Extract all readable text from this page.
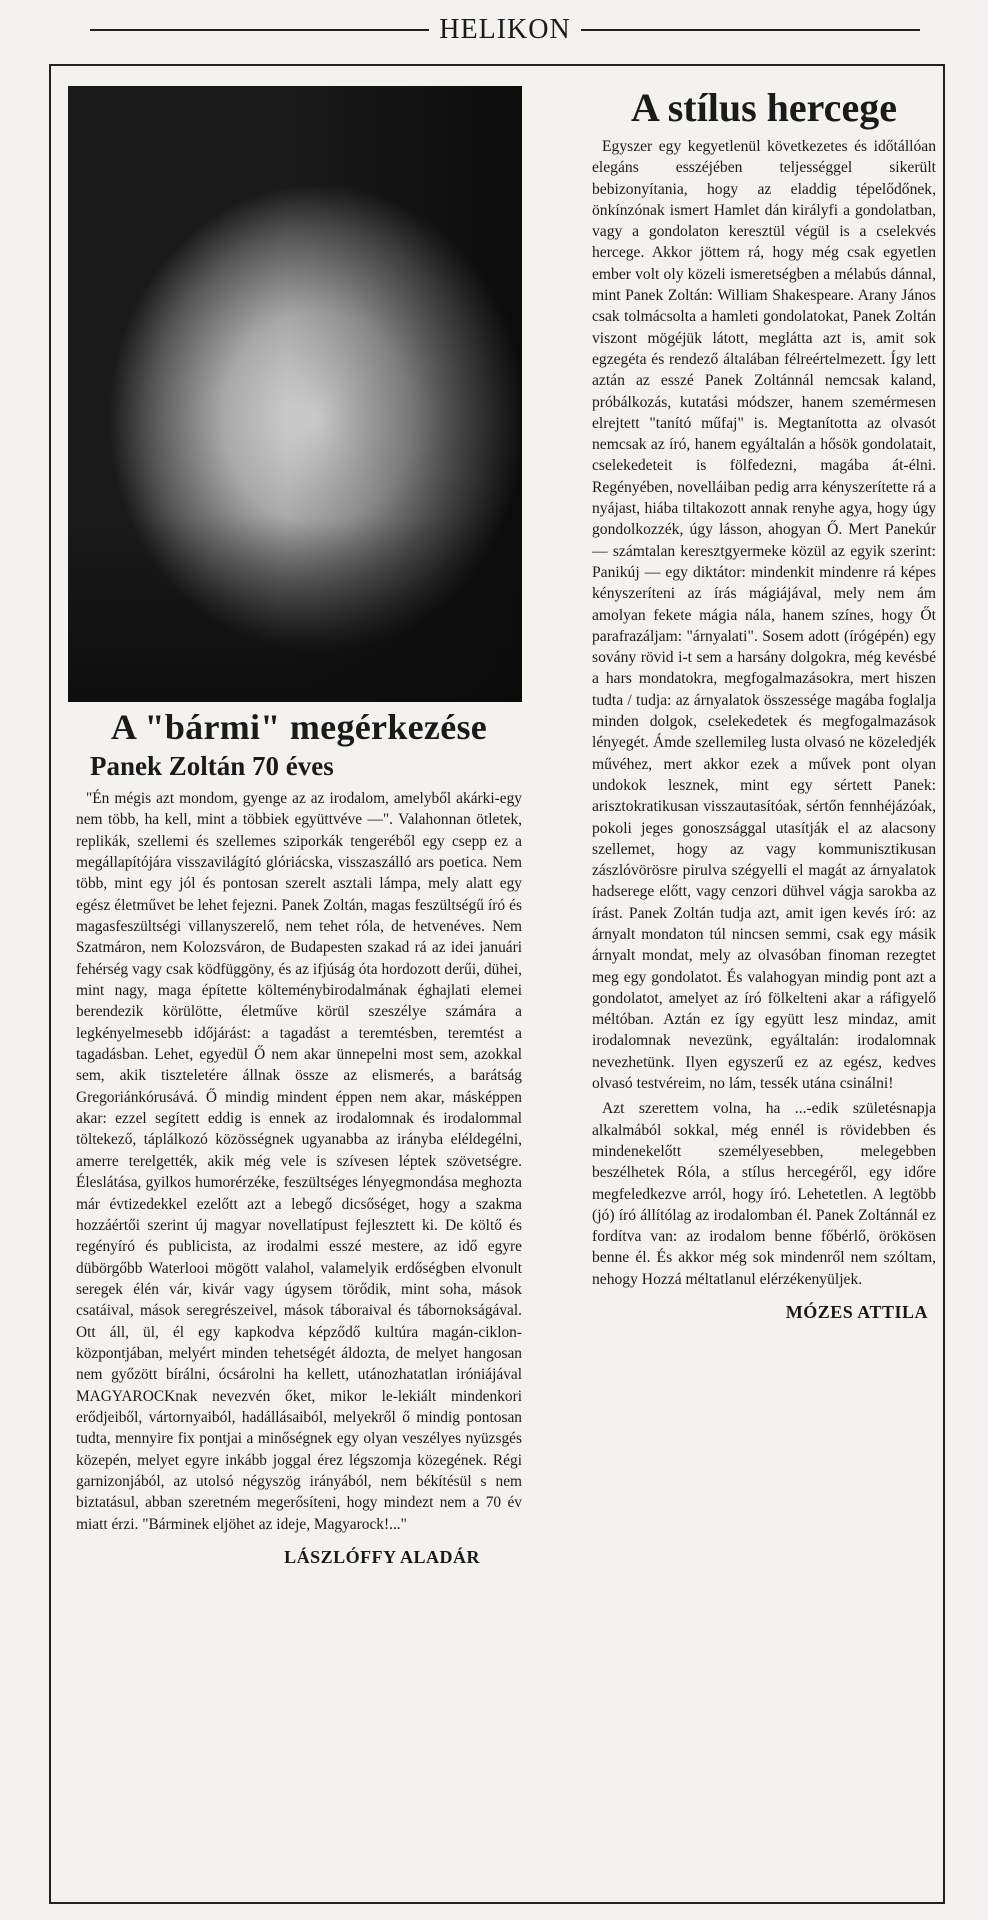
HELIKON
A "bármi" megérkezése
Panek Zoltán 70 éves

"Én mégis azt mondom, gyenge az az irodalom, amelyből akárki-egy nem több, ha kell, mint a többiek együttvéve —". Valahonnan ötletek, replikák, szellemi és szellemes sziporkák tengeréből egy csepp ez a megállapítójára visszavilágító glóriácska, visszaszálló ars poetica. Nem több, mint egy jól és pontosan szerelt asztali lámpa, mely alatt egy egész életművet be lehet fejezni. Panek Zoltán, magas feszültségű író és magasfeszültségi villanyszerelő, nem tehet róla, de hetvenéves. Nem Szatmáron, nem Kolozsváron, de Budapesten szakad rá az idei januári fehérség vagy csak ködfüggöny, és az ifjúság óta hordozott derűi, dühei, mint nagy, maga építette költeménybirodalmának éghajlati elemei berendezik körülötte, életműve körül szeszélye számára a legkényelmesebb időjárást: a tagadást a teremtésben, teremtést a tagadásban. Lehet, egyedül Ő nem akar ünnepelni most sem, azokkal sem, akik tiszteletére állnak össze az elismerés, a barátság Gregoriánkórusává. Ő mindig mindent éppen nem akar, másképpen akar: ezzel segített eddig is ennek az irodalomnak és irodalommal töltekező, táplálkozó közösségnek ugyanabba az irányba eléldegélni, amerre terelgették, akik még vele is szívesen léptek szövetségre. Éleslátása, gyilkos humorérzéke, feszültséges lényegmondása meghozta már évtizedekkel ezelőtt azt a lebegő dicsőséget, hogy a szakma hozzáértői szerint új magyar novellatípust fejlesztett ki. De költő és regényíró és publicista, az irodalmi esszé mestere, az idő egyre dübörgőbb Waterlooi mögött valahol, valamelyik erdőségben elvonult seregek élén vár, kivár vagy úgysem törődik, mint soha, mások csatáival, mások seregrészeivel, mások táboraival és tábornokságával. Ott áll, ül, él egy kapkodva képződő kultúra magán-ciklon-központjában, melyért minden tehetségét áldozta, de melyet hangosan nem győzött bírálni, ócsárolni ha kellett, utánozhatatlan iróniájával MAGYAROCKnak nevezvén őket, mikor le-lekiált mindenkori erődjeiből, vártornyaiból, hadállásaiból, melyekről ő mindig pontosan tudta, mennyire fix pontjai a minőségnek egy olyan veszélyes nyüzsgés közepén, melyet egyre inkább joggal érez légszomja közegének. Régi garnizonjából, az utolsó négyszög irányából, nem békítésül s nem biztatásul, abban szeretném megerősíteni, hogy mindezt nem a 70 év miatt érzi. "Bárminek eljöhet az ideje, Magyarock!..."

LÁSZLÓFFY ALADÁR
A stílus hercege

Egyszer egy kegyetlenül következetes és időtállóan elegáns esszéjében teljességgel sikerült bebizonyítania, hogy az eladdig tépelődőnek, önkínzónak ismert Hamlet dán királyfi a gondolatban, vagy a gondolaton keresztül végül is a cselekvés hercege. Akkor jöttem rá, hogy még csak egyetlen ember volt oly közeli ismeretségben a mélabús dánnal, mint Panek Zoltán: William Shakespeare. Arany János csak tolmácsolta a hamleti gondolatokat, Panek Zoltán viszont mögéjük látott, meglátta azt is, amit sok egzegéta és rendező általában félreértelmezett. Így lett aztán az esszé Panek Zoltánnál nemcsak kaland, próbálkozás, kutatási módszer, hanem szemérmesen elrejtett "tanító műfaj" is. Megtanította az olvasót nemcsak az író, hanem egyáltalán a hősök gondolatait, cselekedeteit is fölfedezni, magába át-élni. Regényében, novelláiban pedig arra kényszerítette rá a nyájast, hiába tiltakozott annak renyhe agya, hogy úgy gondolkozzék, úgy lásson, ahogyan Ő. Mert Panekúr — számtalan keresztgyermeke közül az egyik szerint: Panikúj — egy diktátor: mindenkit mindenre rá képes kényszeríteni az írás mágiájával, mely nem ám amolyan fekete mágia nála, hanem színes, hogy Őt parafrazáljam: "árnyalati". Sosem adott (írógépén) egy sovány rövid i-t sem a harsány dolgokra, még kevésbé a hars mondatokra, megfogalmazásokra, mert hiszen tudta / tudja: az árnyalatok összessége magába foglalja minden dolgok, cselekedetek és megfogalmazások lényegét. Ámde szellemileg lusta olvasó ne közeledjék művéhez, mert akkor ezek a művek pont olyan undokok lesznek, mint egy sértett Panek: arisztokratikusan visszautasítóak, sértőn fennhéjázóak, pokoli jeges gonoszsággal utasítják el az alacsony szellemet, hogy az vagy kommunisztikusan zászlóvörösre pirulva szégyelli el magát az árnyalatok hadserege előtt, vagy cenzori dühvel vágja sarokba az írást. Panek Zoltán tudja azt, amit igen kevés író: az árnyalt mondaton túl nincsen semmi, csak egy másik árnyalt mondat, mely az olvasóban finoman rezegtet meg egy gondolatot. És valahogyan mindig pont azt a gondolatot, amelyet az író fölkelteni akar a ráfigyelő méltóban. Aztán ez így együtt lesz mindaz, amit irodalomnak nevezünk, egyáltalán: irodalomnak nevezhetünk. Ilyen egyszerű ez az egész, kedves olvasó testvéreim, no lám, tessék utána csinálni!

Azt szerettem volna, ha ...-edik születésnapja alkalmából sokkal, még ennél is rövidebben és mindenekelőtt személyesebben, melegebben beszélhetek Róla, a stílus hercegéről, egy időre megfeledkezve arról, hogy író. Lehetetlen. A legtöbb (jó) író állítólag az irodalomban él. Panek Zoltánnál ez fordítva van: az irodalom benne főbérlő, örökösen benne él. És akkor még sok mindenről nem szóltam, nehogy Hozzá méltatlanul elérzékenyüljek.

MÓZES ATTILA
